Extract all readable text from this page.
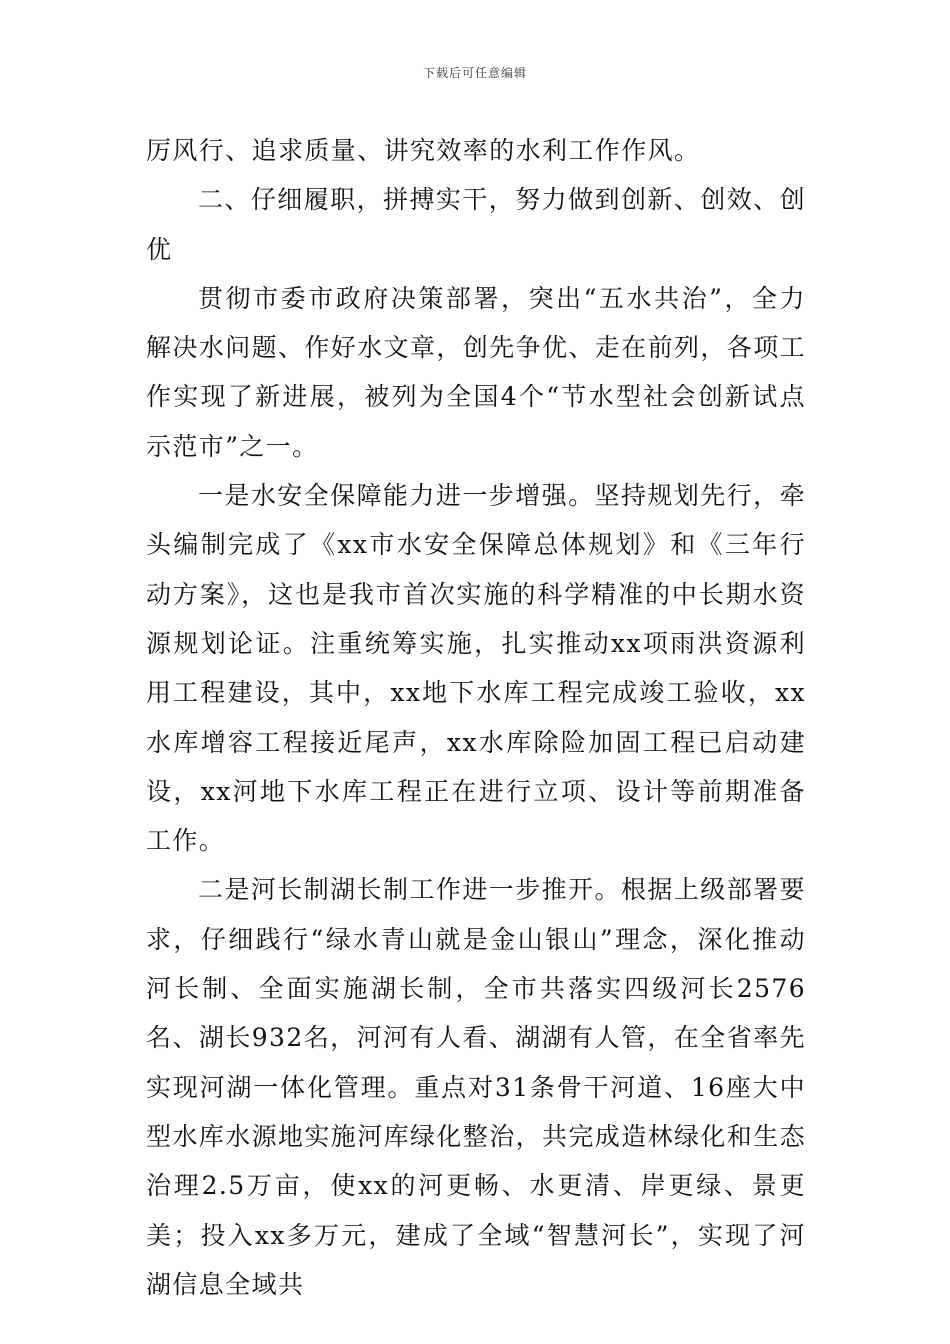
下载后可任意编辑

厉风行、追求质量、讲究效率的水利工作作风。

二、仔细履职，拼搏实干，努力做到创新、创效、创优

贯彻市委市政府决策部署，突出“五水共治”，全力解决水问题、作好水文章，创先争优、走在前列，各项工作实现了新进展，被列为全国4个“节水型社会创新试点示范市”之一。

一是水安全保障能力进一步增强。坚持规划先行，牵头编制完成了《xx市水安全保障总体规划》和《三年行动方案》，这也是我市首次实施的科学精准的中长期水资源规划论证。注重统筹实施，扎实推动xx项雨洪资源利用工程建设，其中，xx地下水库工程完成竣工验收，xx水库增容工程接近尾声，xx水库除险加固工程已启动建设，xx河地下水库工程正在进行立项、设计等前期准备工作。

二是河长制湖长制工作进一步推开。根据上级部署要求，仔细践行“绿水青山就是金山银山”理念，深化推动河长制、全面实施湖长制，全市共落实四级河长2576名、湖长932名，河河有人看、湖湖有人管，在全省率先实现河湖一体化管理。重点对31条骨干河道、16座大中型水库水源地实施河库绿化整治，共完成造林绿化和生态治理2.5万亩，使xx的河更畅、水更清、岸更绿、景更美；投入xx多万元，建成了全域“智慧河长”，实现了河湖信息全域共
